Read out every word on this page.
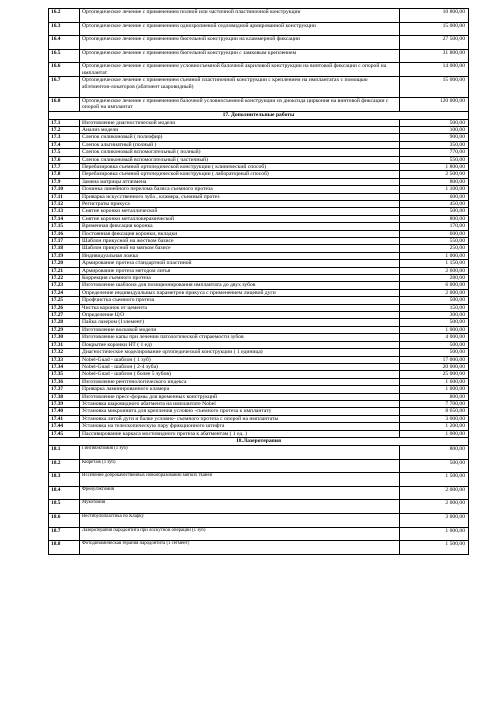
16.2	Ортопедическое лечение с применением полной или частичной пластиночной конструкции	10 800,00
16.3	Ортопедическое лечение с применением однозропненой седловидной армированной конструкции	15 000,00
16.4	Ортопедическое лечение с применением бюгельной конструкции на кламмерной фиксации	27 500,00
16.5	Ортопедическое лечение с применением бюгельной конструкции с замковым креплением	31 800,00
16.6	Ортопедическое лечение с применением условносъемной балочной акриловой конструкции на винтовой фиксации с опорой на имплантат	14 000,00
16.7	Ортопедическое лечение с применением съемной пластиночной конструкции с креплением на имплантатах с помощью абэтментов-локаторов (абатмент шаровидный)	15 000,00
16.8	Ортопедическое лечение с применением балочной условносъемной конструкции из диоксида циркония на винтовой фиксации с опорой на имплантат	120 000,00
17. Дополнительные работы		
17.1	Изготовление диагностической модели	500,00
17.2	Анализ модели	100,00
17.3	Слепок силиконовый ( полиэфир)	900,00
17.4	Слепок альгинатный (полный )	350,00
17.5	Слепок силиконовый вспомогательный ( полный)	770,00
17.6	Слепок силиконовый вспомогательный ( частичный)	550,00
17.7	Перебазировка съемной ортопедической конструкции ( клинический способ)	1 800,00
17.8	Перебазировка съемной ортопедической конструкции ( лабораторный способ)	2 500,00
17.9	Замена матрицы аттачмена	800,00
17.10	Починка линейного перелома базиса съемного протеза	1 100,00
17.11	Приварка искусственного зуба , кламера, съемный протез	600,00
17.12	Регистраты прикуса	450,00
17.13	Снятие коронки металлической	500,00
17.14	Снятие коронки металлокерамической	800,00
17.15	Временная фиксация коронка	170,00
17.16	Постоянная фиксация коронки, вкладки	600,00
17.17	Шаблон прикусной на жестком базисе	550,00
17.18	Шаблон прикусной на мягком базисе	250,00
17.19	Индивидуальная ложка	1 000,00
17.20	Армирование протеза стандартной пластиной	1 150,00
17.21	Армирование протеза методом литья	2 600,00
17.22	Коррекция съемного протеза	280,00
17.23	Изготовление шаблона для позиционирования имплантата до двух зубов	6 000,00
17.24	Определение индивидуальных параметров прикуса с применением лицевой дуги	2 000,00
17.25	Профчистка съемного протеза	500,00
17.26	Чистка коронок от цемента	150,00
17.27	Определение Ц/О	300,00
17.28	Пайка лазером (1элемент)	500,00
17.29	Изготовление восковой модели	1 000,00
17.30	Изготовление капы при лечении патологической стираемости зубов	4 000,00
17.31	Покрытие коронки НТ ( 1 ед)	500,00
17.32	Диагностическое моделирование ортопедической конструкции ( 1 единица)	500,00
17.33	Nobel-Guad - шаблон ( 1 зуб)	17 000,00
17.34	Nobel-Guad - шаблон ( 2-4 зуба)	20 000,00
17.35	Nobel-Guad - шаблон ( более 5 зубов)	25 000,00
17.36	Изготовление рентгенологического индекса	1 600,00
17.37	Приварка ламинированного кламера	1 000,00
17.38	Изготовление пресс-формы для временных конструкций	800,00
17.39	Установка шаровидного абатмента на имплантате Nobel	7 700,00
17.40	Установка микроинита для крепления условно -съемного протеза к имплантату	8 650,00
17.41	Установка литой дуги и балке условно- съемного протеза с опорой на имплантаты	3 000,00
17.44	Установка на телескопическую пару фрикционного штифта	1 200,00
17.45	Пассивирование каркаса мостовидного протеза к абатментам ( 1 ед. )	1 000,00
18.Лазеротерапия		
18.1	Гингивэктомия (1 зуб)	800,00
18.2	Кюретаж (1 зуб)	500,00
18.3	Иссечение доброкачественных новообразований мягких тканей	1 500,00
18.4	Френулэктомия	2 000,00
18.5	Мукотомия	2 000,00
18.6	Вестибулопластика по Кларку	3 000,00
18.7	Лазеротерапия пародонтита при лоскутной операции (1 зуб)	1 000,00
18.8	Фотодинамическая терапия пародонтита (1 сегмент)	1 500,00
